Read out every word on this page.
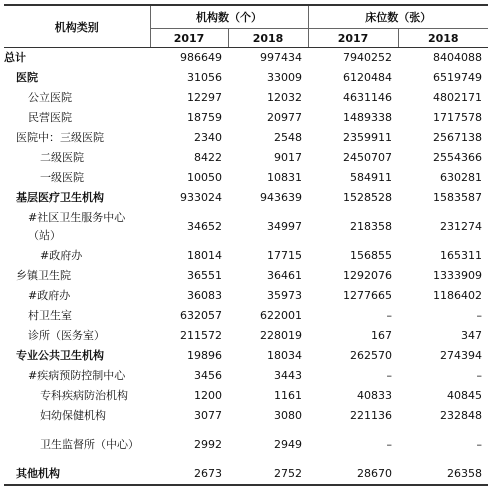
机构类别	机构数（个）		床位数（张）	
	2017	2018	2017	2018
总计	986649	997434	7940252	8404088
医院	31056	33009	6120484	6519749
公立医院	12297	12032	4631146	4802171
民营医院	18759	20977	1489338	1717578
医院中：三级医院	2340	2548	2359911	2567138
二级医院	8422	9017	2450707	2554366
一级医院	10050	10831	584911	630281
基层医疗卫生机构	933024	943639	1528528	1583587
#社区卫生服务中心（站）	34652	34997	218358	231274
#政府办	18014	17715	156855	165311
乡镇卫生院	36551	36461	1292076	1333909
#政府办	36083	35973	1277665	1186402
村卫生室	632057	622001	–	–
诊所（医务室）	211572	228019	167	347
专业公共卫生机构	19896	18034	262570	274394
#疾病预防控制中心	3456	3443	–	–
专科疾病防治机构	1200	1161	40833	40845
妇幼保健机构	3077	3080	221136	232848
卫生监督所（中心）	2992	2949	–	–
其他机构	2673	2752	28670	26358
